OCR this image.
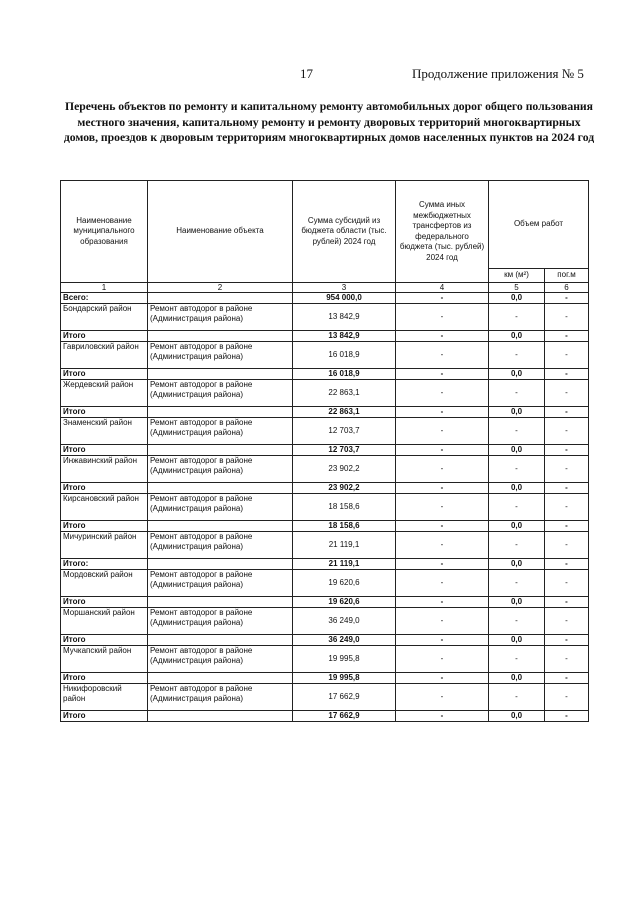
17	Продолжение приложения № 5
Перечень объектов по ремонту и капитальному ремонту автомобильных дорог общего пользования местного значения, капитальному ремонту и ремонту дворовых территорий многоквартирных домов, проездов к дворовым территориям многоквартирных домов населенных пунктов на 2024 год
Наименование муниципального образования	Наименование объекта	Сумма субсидий из бюджета области (тыс. рублей) 2024 год	Сумма иных межбюджетных трансфертов из федерального бюджета (тыс. рублей) 2024 год	Объем работ	
				км (м²)	пог.м
1	2	3	4	5	6
Всего:		954 000,0	-	0,0	-
Бондарский район	Ремонт автодорог в районе (Администрация района)	13 842,9	-	-	-
Итого		13 842,9	-	0,0	-
Гавриловский район	Ремонт автодорог в районе (Администрация района)	16 018,9	-	-	-
Итого		16 018,9	-	0,0	-
Жердевский район	Ремонт автодорог в районе (Администрация района)	22 863,1	-	-	-
Итого		22 863,1	-	0,0	-
Знаменский район	Ремонт автодорог в районе (Администрация района)	12 703,7	-	-	-
Итого		12 703,7	-	0,0	-
Инжавинский район	Ремонт автодорог в районе (Администрация района)	23 902,2	-	-	-
Итого		23 902,2	-	0,0	-
Кирсановский район	Ремонт автодорог в районе (Администрация района)	18 158,6	-	-	-
Итого		18 158,6	-	0,0	-
Мичуринский район	Ремонт автодорог в районе (Администрация района)	21 119,1	-	-	-
Итого:		21 119,1	-	0,0	-
Мордовский район	Ремонт автодорог в районе (Администрация района)	19 620,6	-	-	-
Итого		19 620,6	-	0,0	-
Моршанский район	Ремонт автодорог в районе (Администрация района)	36 249,0	-	-	-
Итого		36 249,0	-	0,0	-
Мучкапский район	Ремонт автодорог в районе (Администрация района)	19 995,8	-	-	-
Итого		19 995,8	-	0,0	-
Никифоровский район	Ремонт автодорог в районе (Администрация района)	17 662,9	-	-	-
Итого		17 662,9	-	0,0	-
